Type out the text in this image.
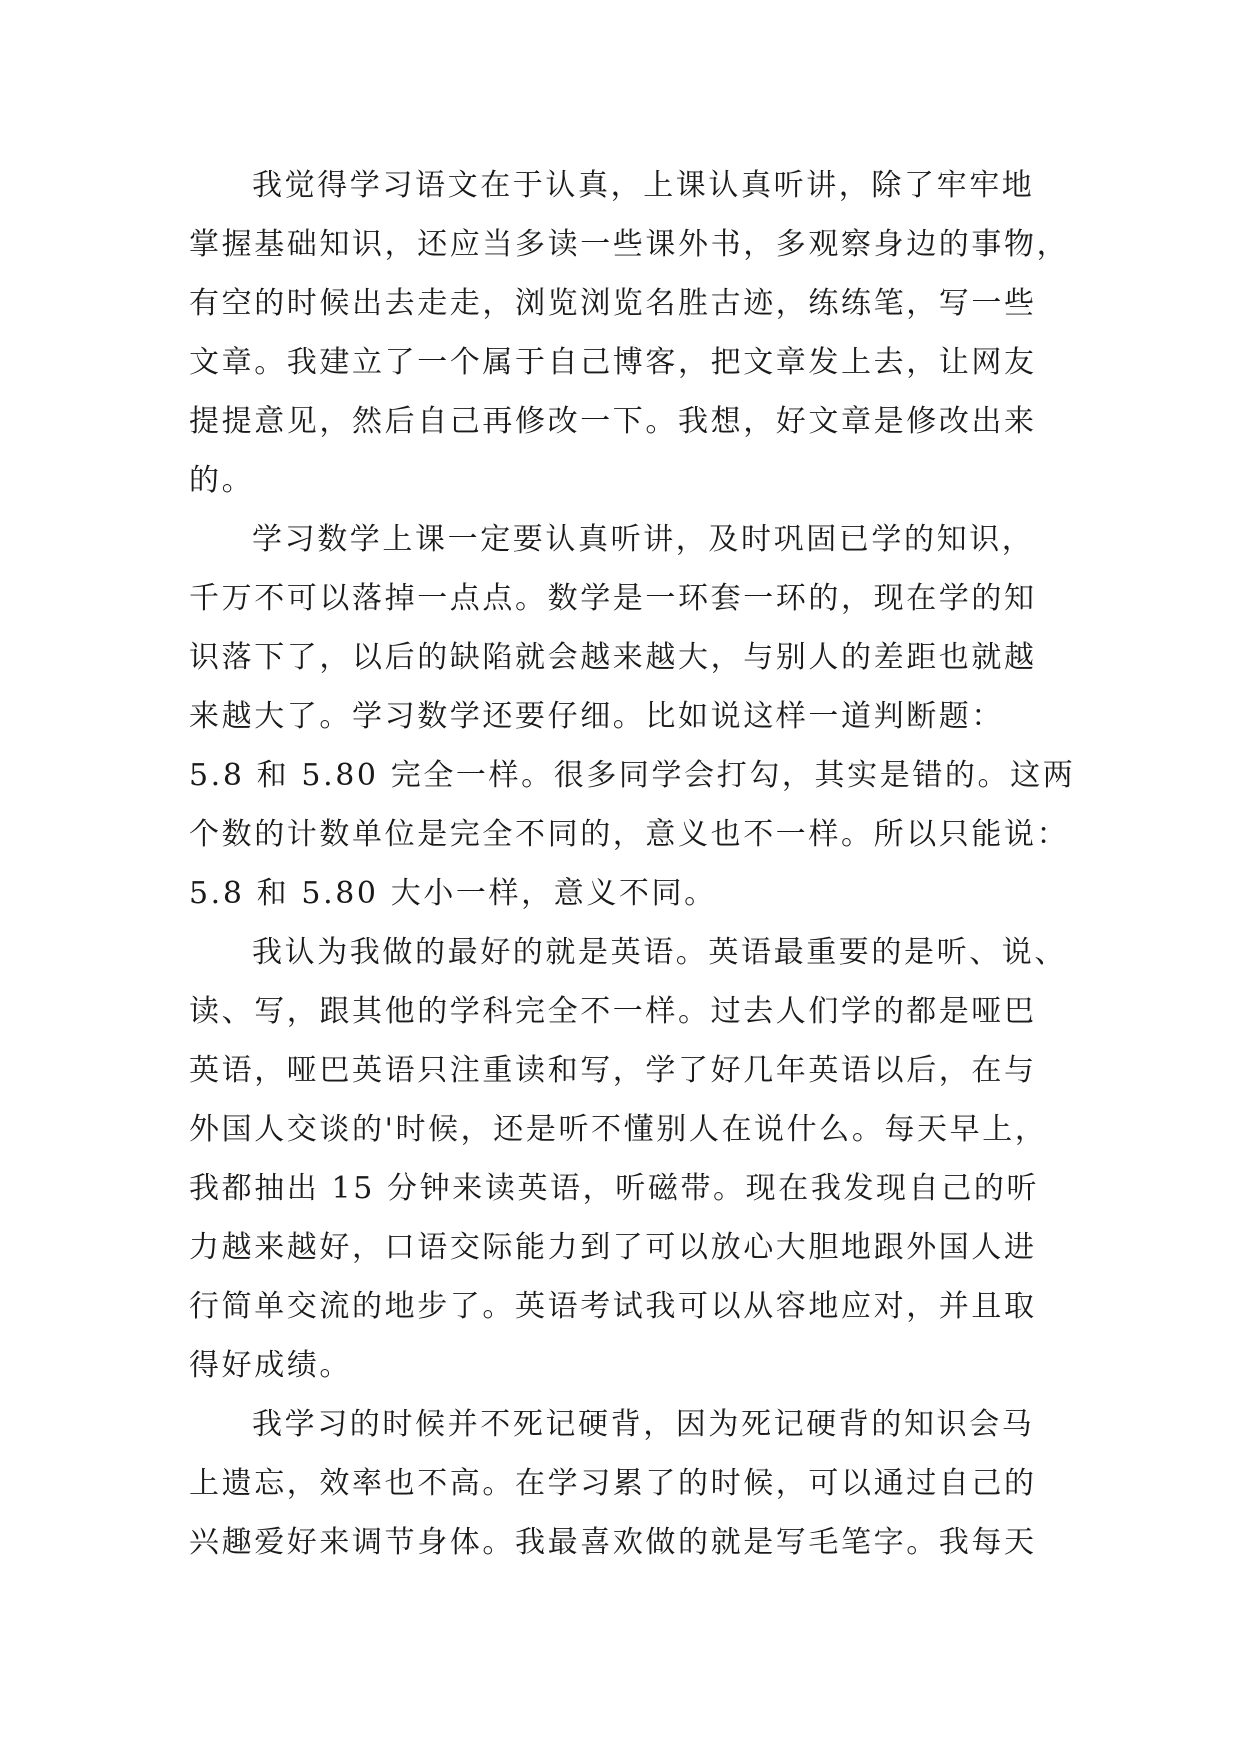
我觉得学习语文在于认真，上课认真听讲，除了牢牢地
掌握基础知识，还应当多读一些课外书，多观察身边的事物，
有空的时候出去走走，浏览浏览名胜古迹，练练笔，写一些
文章。我建立了一个属于自己博客，把文章发上去，让网友
提提意见，然后自己再修改一下。我想，好文章是修改出来
的。
学习数学上课一定要认真听讲，及时巩固已学的知识，
千万不可以落掉一点点。数学是一环套一环的，现在学的知
识落下了，以后的缺陷就会越来越大，与别人的差距也就越
来越大了。学习数学还要仔细。比如说这样一道判断题：
5.8 和 5.80 完全一样。很多同学会打勾，其实是错的。这两
个数的计数单位是完全不同的，意义也不一样。所以只能说：
5.8 和 5.80 大小一样，意义不同。
我认为我做的最好的就是英语。英语最重要的是听、说、
读、写，跟其他的学科完全不一样。过去人们学的都是哑巴
英语，哑巴英语只注重读和写，学了好几年英语以后，在与
外国人交谈的'时候，还是听不懂别人在说什么。每天早上，
我都抽出 15 分钟来读英语，听磁带。现在我发现自己的听
力越来越好，口语交际能力到了可以放心大胆地跟外国人进
行简单交流的地步了。英语考试我可以从容地应对，并且取
得好成绩。
我学习的时候并不死记硬背，因为死记硬背的知识会马
上遗忘，效率也不高。在学习累了的时候，可以通过自己的
兴趣爱好来调节身体。我最喜欢做的就是写毛笔字。我每天
